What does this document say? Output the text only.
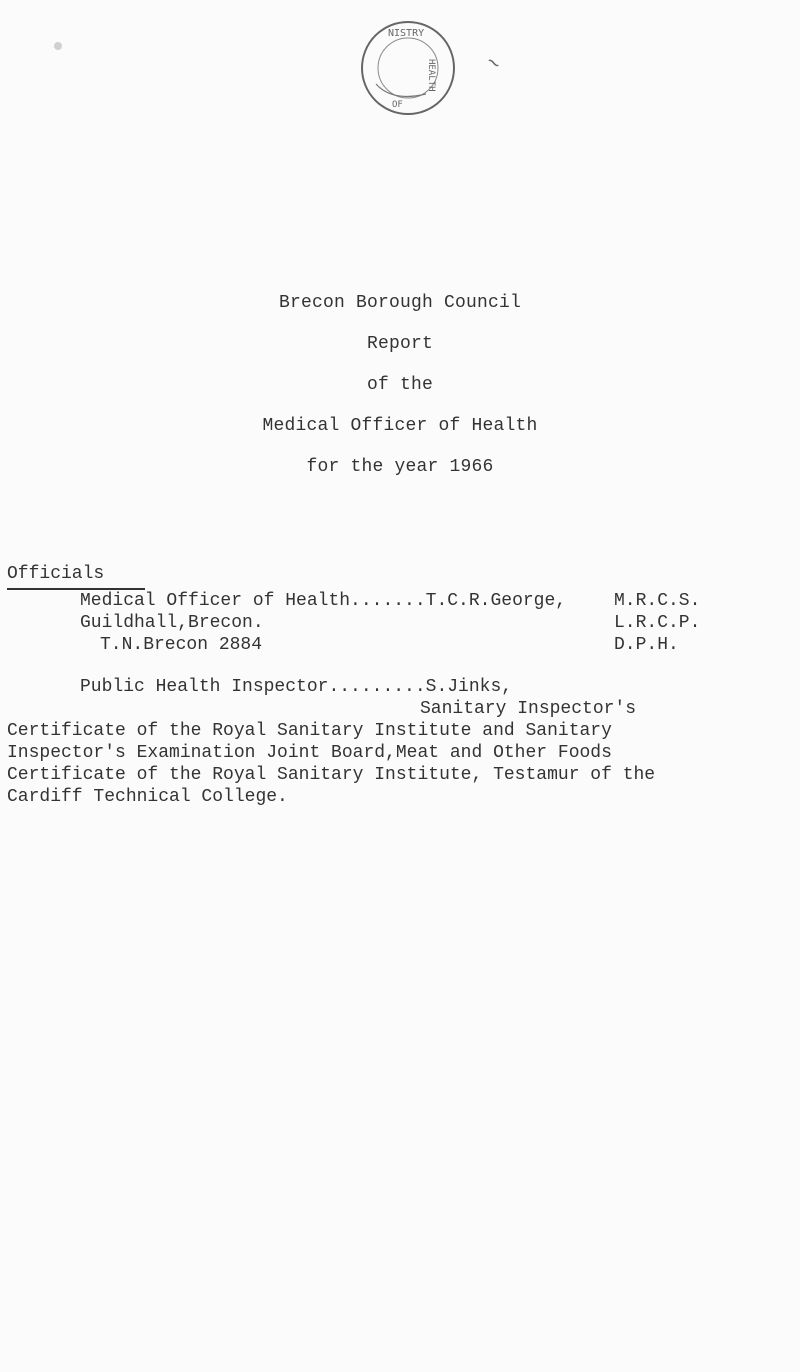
NISTRY
HEALTH
OF
~
Brecon Borough Council
Report
of the
Medical Officer of Health
for the year 1966
Officials
Medical Officer of Health.......T.C.R.George,
Guildhall,Brecon.
T.N.Brecon 2884
M.R.C.S.
L.R.C.P.
D.P.H.
Public Health Inspector.........S.Jinks,
Sanitary Inspector's
Certificate of the Royal Sanitary Institute and Sanitary
Inspector's Examination Joint Board,Meat and Other Foods
Certificate of the Royal Sanitary Institute, Testamur of the
Cardiff Technical College.
